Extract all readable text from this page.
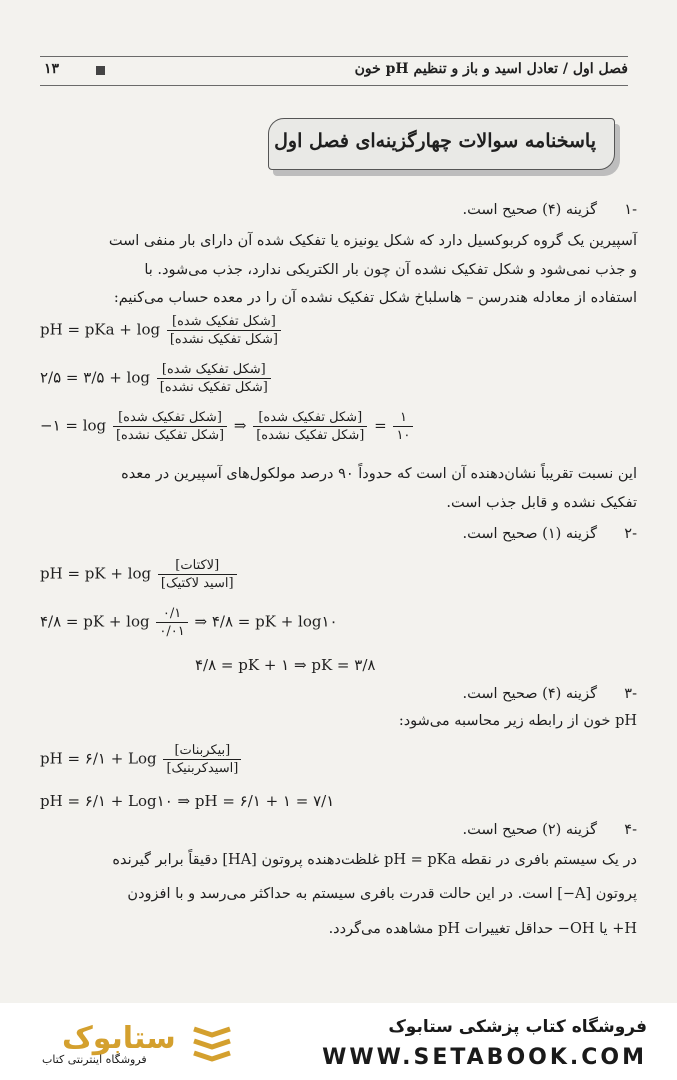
فصل اول / تعادل اسید و باز و تنظیم pH خون
۱۳
پاسخنامه سوالات چهارگزینه‌ای فصل اول
-۱
گزینه (۴) صحیح است.
آسپیرین یک گروه کربوکسیل دارد که شکل یونیزه یا تفکیک شده آن دارای بار منفی است
و جذب نمی‌شود و شکل تفکیک نشده آن چون بار الکتریکی ندارد، جذب می‌شود. با
استفاده از معادله هندرسن – هاسلباخ شکل تفکیک نشده آن را در معده حساب می‌کنیم:
pH = pKa + $\log \frac{\text{[شکل تفکیک شده]}}{\text{[شکل تفکیک نشده]}}$
۲/۵ = ۳/۵ + $\log \frac{\text{[شکل تفکیک شده]}}{\text{[شکل تفکیک نشده]}}$
−۱ = $\log \frac{\text{[شکل تفکیک شده]}}{\text{[شکل تفکیک نشده]}}$ ⇒ $\frac{\text{[شکل تفکیک شده]}}{\text{[شکل تفکیک نشده]}} = \frac{۱}{۱۰}$
این نسبت تقریباً نشان‌دهنده آن است که حدوداً ۹۰ درصد مولکول‌های آسپیرین در معده
تفکیک نشده و قابل جذب است.
-۲
گزینه (۱) صحیح است.
pH = pK + $\log \frac{\text{[لاکتات]}}{\text{[اسید لاکتیک]}}$
۴/۸ = pK + $\log \frac{۰/۱}{۰/۰۱}$ ⇒ ۴/۸ = pK + log۱۰
۴/۸ = pK + ۱ ⇒ pK = ۳/۸
-۳
گزینه (۴) صحیح است.
pH خون از رابطه زیر محاسبه می‌شود:
pH = ۶/۱ + Log $\frac{\text{[بیکربنات]}}{\text{[اسیدکربنیک]}}$
pH = ۶/۱ + Log۱۰ ⇒ pH = ۶/۱ + ۱ = ۷/۱
-۴
گزینه (۲) صحیح است.
در یک سیستم بافری در نقطه pH = pKa غلظت‌دهنده پروتون [HA] دقیقاً برابر گیرنده
پروتون [A−] است. در این حالت قدرت بافری سیستم به حداکثر می‌رسد و با افزودن
H+ یا OH− حداقل تغییرات pH مشاهده می‌گردد.
ستابوک
فروشگاه اینترنتی کتاب
فروشگاه کتاب پزشکی ستابوک
WWW.SETABOOK.COM
